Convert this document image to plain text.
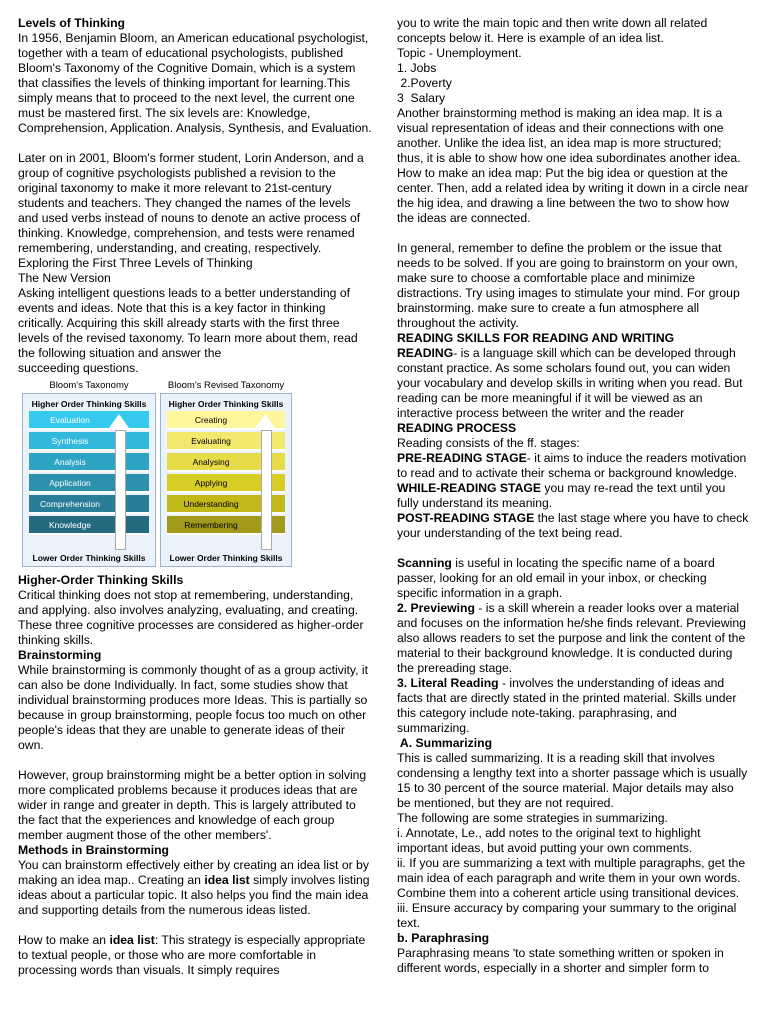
Levels of Thinking

In 1956, Benjamin Bloom, an American educational psychologist, together with a team of educational psychologists, published Bloom's Taxonomy of the Cognitive Domain, which is a system that classifies the levels of thinking important for learning.This simply means that to proceed to the next level, the current one must be mastered first. The six levels are: Knowledge, Comprehension, Application. Analysis, Synthesis, and Evaluation.

Later on in 2001, Bloom's former student, Lorin Anderson, and a group of cognitive psychologists published a revision to the original taxonomy to make it more relevant to 21st-century students and teachers. They changed the names of the levels and used verbs instead of nouns to denote an active process of thinking. Knowledge, comprehension, and tests were renamed remembering, understanding, and creating, respectively.

Exploring the First Three Levels of Thinking

The New Version

Asking intelligent questions leads to a better understanding of events and ideas. Note that this is a key factor in thinking critically. Acquiring this skill already starts with the first three levels of the revised taxonomy. To learn more about them, read the following situation and answer the

succeeding questions.

Bloom's Taxonomy
Higher Order Thinking Skills
Evaluation
Synthesis
Analysis
Application
Comprehension
Knowledge
Lower Order Thinking Skills
Bloom's Revised Taxonomy
Higher Order Thinking Skills
Creating
Evaluating
Analysing
Applying
Understanding
Remembering
Lower Order Thinking Skills

Higher-Order Thinking Skills

Critical thinking does not stop at remembering, understanding, and applying. also involves analyzing, evaluating, and creating. These three cognitive processes are considered as higher-order thinking skills.

Brainstorming

While brainstorming is commonly thought of as a group activity, it can also be done Individually. In fact, some studies show that individual brainstorming produces more Ideas. This is partially so because in group brainstorming, people focus too much on other people's ideas that they are unable to generate ideas of their own.

However, group brainstorming might be a better option in solving more complicated problems because it produces ideas that are wider in range and greater in depth. This is largely attributed to the fact that the experiences and knowledge of each group member augment those of the other members'.

Methods in Brainstorming

You can brainstorm effectively either by creating an idea list or by making an idea map.. Creating an idea list simply involves listing ideas about a particular topic. It also helps you find the main idea and supporting details from the numerous ideas listed.

How to make an idea list: This strategy is especially appropriate to textual people, or those who are more comfortable in processing words than visuals. It simply requires

you to write the main topic and then write down all related concepts below it. Here is example of an idea list.

Topic - Unemployment.

1. Jobs

2.Poverty

3  Salary

Another brainstorming method is making an idea map. It is a visual representation of ideas and their connections with one another. Unlike the idea list, an idea map is more structured; thus, it is able to show how one idea subordinates another idea. How to make an idea map: Put the big idea or question at the center. Then, add a related idea by writing it down in a circle near the hig idea, and drawing a line between the two to show how the ideas are connected.

In general, remember to define the problem or the issue that needs to be solved. If you are going to brainstorm on your own, make sure to choose a comfortable place and minimize distractions. Try using images to stimulate your mind. For group brainstorming. make sure to create a fun atmosphere all throughout the activity.

READING SKILLS FOR READING AND WRITING

READING- is a language skill which can be developed through constant practice. As some scholars found out, you can widen your vocabulary and develop skills in writing when you read. But reading can be more meaningful if it will be viewed as an interactive process between the writer and the reader

READING PROCESS

Reading consists of the ff. stages:

PRE-READING STAGE- it aims to induce the readers motivation to read and to activate their schema or background knowledge.

WHILE-READING STAGE you may re-read the text until you fully understand its meaning.

POST-READING STAGE the last stage where you have to check your understanding of the text being read.

Scanning is useful in locating the specific name of a board passer, looking for an old email in your inbox, or checking specific information in a graph.

2. Previewing - is a skill wherein a reader looks over a material and focuses on the information he/she finds relevant. Previewing also allows readers to set the purpose and link the content of the material to their background knowledge. It is conducted during the prereading stage.

3. Literal Reading - involves the understanding of ideas and facts that are directly stated in the printed material. Skills under this category include note-taking. paraphrasing, and summarizing.

A. Summarizing

This is called summarizing. It is a reading skill that involves condensing a lengthy text into a shorter passage which is usually 15 to 30 percent of the source material. Major details may also be mentioned, but they are not required.

The following are some strategies in summarizing.

i. Annotate, Le., add notes to the original text to highlight important ideas, but avoid putting your own comments.

ii. If you are summarizing a text with multiple paragraphs, get the main idea of each paragraph and write them in your own words. Combine them into a coherent article using transitional devices.

iii. Ensure accuracy by comparing your summary to the original text.

b. Paraphrasing

Paraphrasing means 'to state something written or spoken in different words, especially in a shorter and simpler form to
